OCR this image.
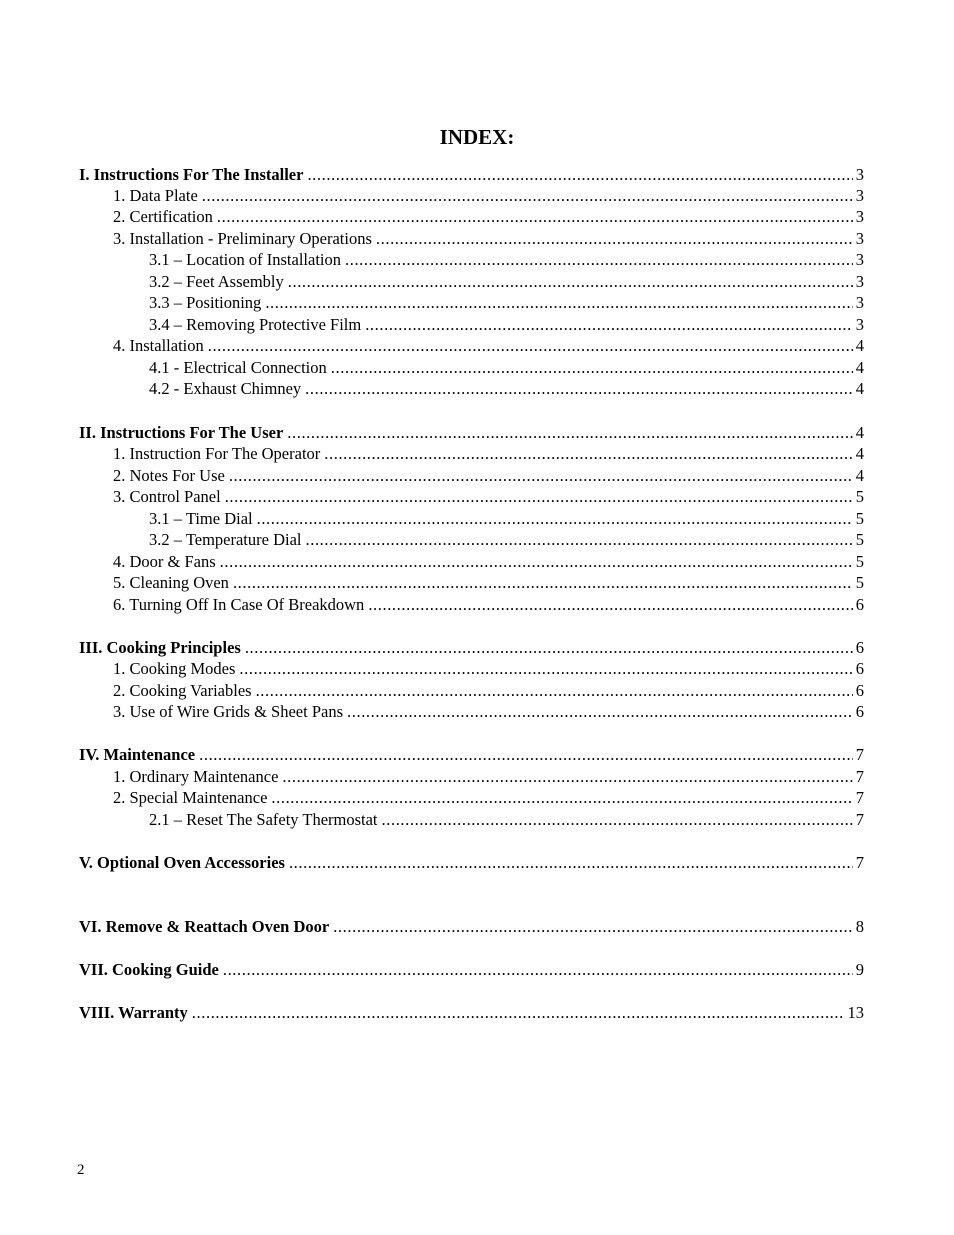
INDEX:
I. Instructions For The Installer .....	3
1. Data Plate .....	3
2. Certification .....	3
3. Installation - Preliminary Operations .....	3
3.1 – Location of Installation .....	3
3.2 – Feet Assembly .....	3
3.3 – Positioning .....	3
3.4 – Removing Protective Film .....	3
4. Installation .....	4
4.1 - Electrical Connection .....	4
4.2 - Exhaust Chimney .....	4
II. Instructions For The User .....	4
1. Instruction For The Operator .....	4
2. Notes For Use .....	4
3. Control Panel .....	5
3.1 – Time Dial .....	5
3.2 – Temperature Dial .....	5
4. Door & Fans .....	5
5. Cleaning Oven .....	5
6. Turning Off In Case Of Breakdown .....	6
III. Cooking Principles .....	6
1. Cooking Modes .....	6
2. Cooking Variables .....	6
3. Use of Wire Grids & Sheet Pans .....	6
IV. Maintenance .....	7
1. Ordinary Maintenance .....	7
2. Special Maintenance .....	7
2.1 – Reset The Safety Thermostat .....	7
V. Optional Oven Accessories .....	7
VI. Remove & Reattach Oven Door .....	8
VII. Cooking Guide .....	9
VIII. Warranty .....	13
2
